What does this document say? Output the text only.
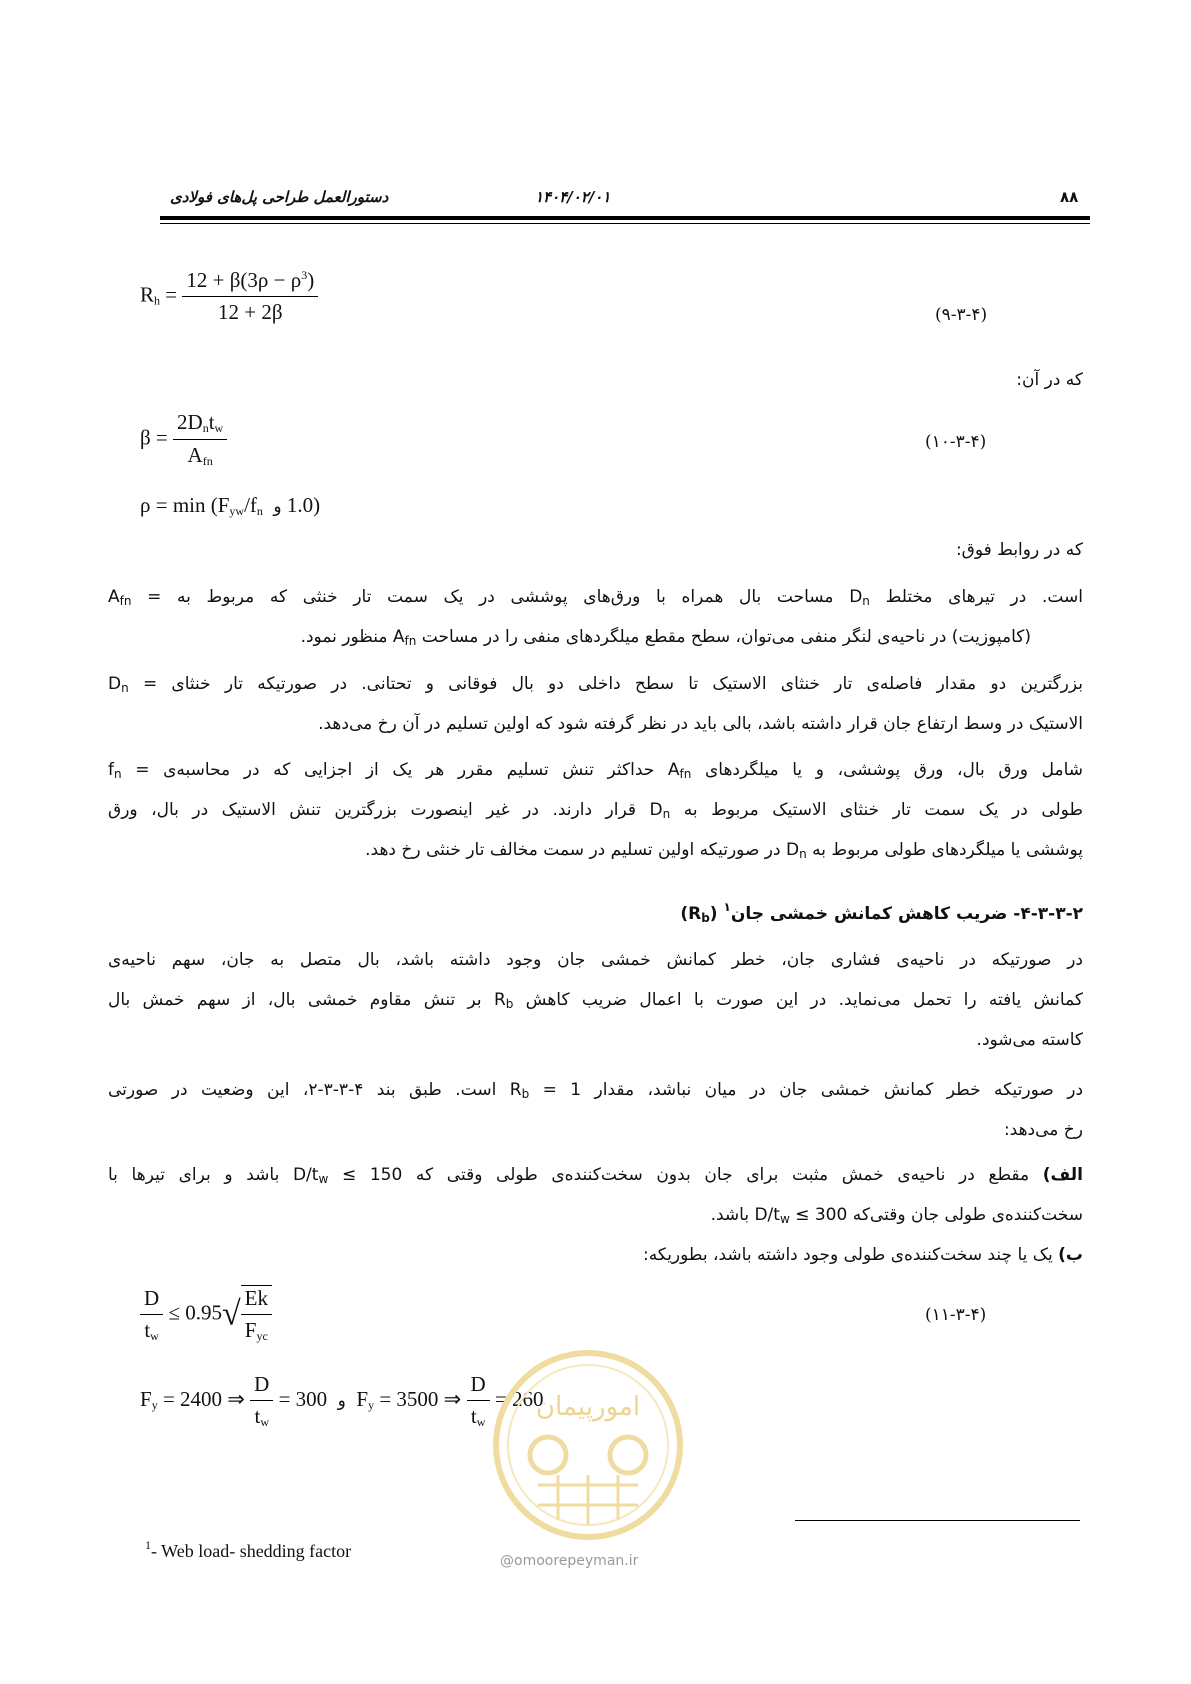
دستورالعمل طراحی پل‌های فولادی	۱۴۰۴/۰۲/۰۱	۸۸
$R_h = \frac{12 + \beta(3\rho - \rho^3)}{12 + 2\beta}$	(۹-۳-۴)
که در آن:
$\beta = \frac{2D_nt_w}{A_{fn}}$	(۱۰-۳-۴)
$\rho = \min (F_{yw}/f_n$ و 1.0)
که در روابط فوق:
$A_{fn}$ = مساحت بال همراه با ورق‌های پوششی در یک سمت تار خنثی که مربوط به $D_n$ است. در تیرهای مختلط
(کامپوزیت) در ناحیه‌ی لنگر منفی می‌توان، سطح مقطع میلگردهای منفی را در مساحت $A_{fn}$ منظور نمود.
$D_n$ = بزرگترین دو مقدار فاصله‌ی تار خنثای الاستیک تا سطح داخلی دو بال فوقانی و تحتانی. در صورتیکه تار خنثای
الاستیک در وسط ارتفاع جان قرار داشته باشد، بالی باید در نظر گرفته شود که اولین تسلیم در آن رخ می‌دهد.
$f_n$ = حداکثر تنش تسلیم مقرر هر یک از اجزایی که در محاسبه‌ی $A_{fn}$ شامل ورق بال، ورق پوششی، و یا میلگردهای
طولی در یک سمت تار خنثای الاستیک مربوط به $D_n$ قرار دارند. در غیر اینصورت بزرگترین تنش الاستیک در بال، ورق
پوششی یا میلگردهای طولی مربوط به $D_n$ در صورتیکه اولین تسلیم در سمت مخالف تار خنثی رخ دهد.
۴-۳-۳-۲- ضریب کاهش کمانش خمشی جان$^۱$ $(R_b)$
در صورتیکه در ناحیه‌ی فشاری جان، خطر کمانش خمشی جان وجود داشته باشد، بال متصل به جان، سهم ناحیه‌ی
کمانش یافته را تحمل می‌نماید. در این صورت با اعمال ضریب کاهش $R_b$ بر تنش مقاوم خمشی بال، از سهم خمش بال
کاسته می‌شود.
در صورتیکه خطر کمانش خمشی جان در میان نباشد، مقدار $R_b = 1$ است. طبق بند ۴-۳-۳-۲، این وضعیت در صورتی
رخ می‌دهد:
الف) مقطع در ناحیه‌ی خمش مثبت برای جان بدون سخت‌کننده‌ی طولی وقتی که $D/t_w \le 150$ باشد و برای تیرها با
سخت‌کننده‌ی طولی جان وقتی‌که $D/t_w \le 300$ باشد.
ب) یک یا چند سخت‌کننده‌ی طولی وجود داشته باشد، بطوریکه:
$\frac{D}{t_w} \le 0.95√ \frac{Ek}{F_{yc}}$	(۱۱-۳-۴)
$F_y = 2400$ ⇒ $\frac{D}{t_w} = 300$ و $F_y = 3500$ ⇒ $\frac{D}{t_w} = 260$
امورپیمان
@omoorepeyman.ir
$^1$- Web load- shedding factor
